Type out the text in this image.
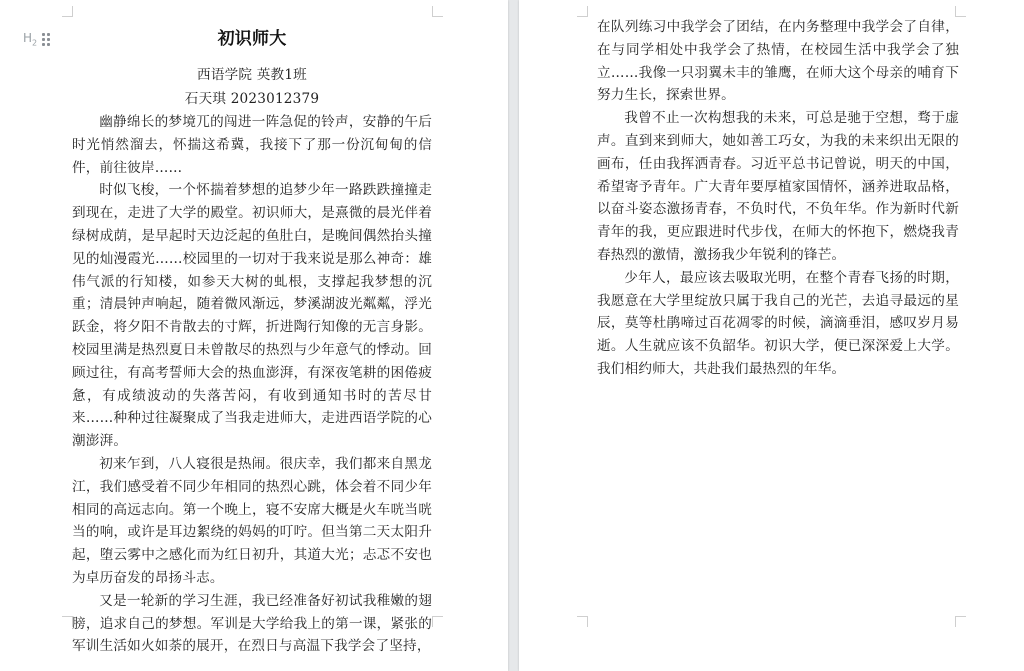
$H_2$	初识师大

西语学院 英教1班

石天琪 2023012379

幽静绵长的梦境兀的闯进一阵急促的铃声，安静的午后时光悄然溜去，怀揣这希冀，我接下了那一份沉甸甸的信件，前往彼岸……

时似飞梭，一个怀揣着梦想的追梦少年一路跌跌撞撞走到现在，走进了大学的殿堂。初识师大，是熹微的晨光伴着绿树成荫，是早起时天边泛起的鱼肚白，是晚间偶然抬头撞见的灿漫霞光……校园里的一切对于我来说是那么神奇：雄伟气派的行知楼，如参天大树的虬根，支撑起我梦想的沉重；清晨钟声响起，随着微风渐远，梦溪湖波光粼粼，浮光跃金，将夕阳不肯散去的寸辉，折进陶行知像的无言身影。校园里满是热烈夏日未曾散尽的热烈与少年意气的悸动。回顾过往，有高考誓师大会的热血澎湃，有深夜笔耕的困倦疲惫，有成绩波动的失落苦闷，有收到通知书时的苦尽甘来……种种过往凝聚成了当我走进师大，走进西语学院的心潮澎湃。

初来乍到，八人寝很是热闹。很庆幸，我们都来自黑龙江，我们感受着不同少年相同的热烈心跳，体会着不同少年相同的高远志向。第一个晚上，寝不安席大概是火车咣当咣当的响，或许是耳边絮绕的妈妈的叮咛。但当第二天太阳升起，堕云雾中之感化而为红日初升，其道大光；忐忑不安也为卓历奋发的昂扬斗志。

又是一轮新的学习生涯，我已经准备好初试我稚嫩的翅膀，追求自己的梦想。军训是大学给我上的第一课，紧张的军训生活如火如荼的展开，在烈日与高温下我学会了坚持，

在队列练习中我学会了团结，在内务整理中我学会了自律，在与同学相处中我学会了热情，在校园生活中我学会了独立……我像一只羽翼未丰的雏鹰，在师大这个母亲的哺育下努力生长，探索世界。

我曾不止一次构想我的未来，可总是驰于空想，骛于虚声。直到来到师大，她如善工巧女，为我的未来织出无限的画布，任由我挥洒青春。习近平总书记曾说，明天的中国，希望寄予青年。广大青年要厚植家国情怀，涵养进取品格，以奋斗姿态激扬青春，不负时代，不负年华。作为新时代新青年的我，更应跟进时代步伐，在师大的怀抱下，燃烧我青春热烈的激情，激扬我少年锐利的锋芒。

少年人，最应该去吸取光明，在整个青春飞扬的时期，我愿意在大学里绽放只属于我自己的光芒，去追寻最远的星辰，莫等杜鹃啼过百花凋零的时候，滴滴垂泪，感叹岁月易逝。人生就应该不负韶华。初识大学，便已深深爱上大学。我们相约师大，共赴我们最热烈的年华。
